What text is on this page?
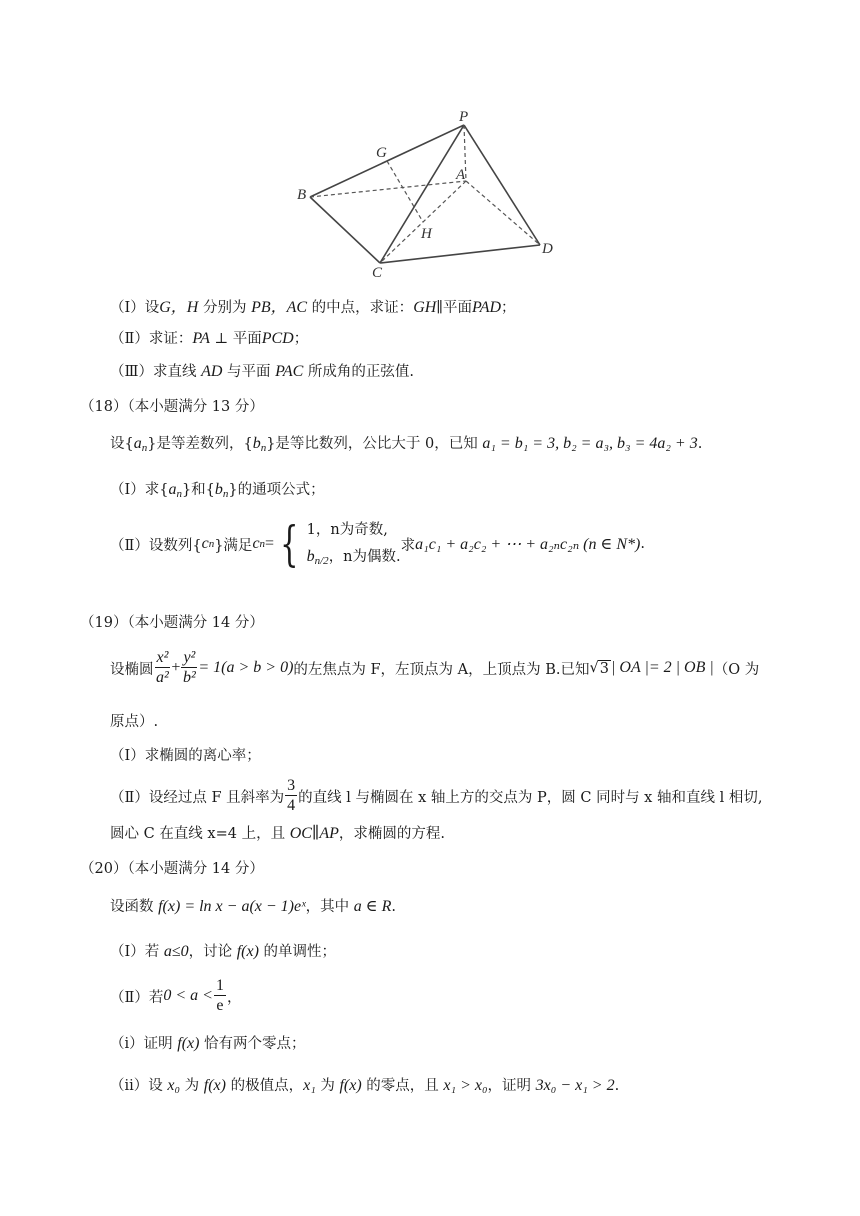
P
G
A
B
H
C
D
（Ⅰ）设G，H 分别为 PB，AC 的中点，求证：GH∥平面PAD；
（Ⅱ）求证：PA ⊥ 平面PCD；
（Ⅲ）求直线 AD 与平面 PAC 所成角的正弦值.
（18）（本小题满分 13 分）
设$\{a_n\}$是等差数列，$\{b_n\}$是等比数列，公比大于 0，已知 a₁ = b₁ = 3, b₂ = a₃, b₃ = 4a₂ + 3.
（Ⅰ）求$\{a_n\}$和$\{b_n\}$的通项公式；
（Ⅱ）设数列{ c n }满足 c n = { 1，n为奇数,
$b_{n/2}$，n为偶数.
求 a₁c₁ + a₂c₂ + ⋯ + a₂ₙc₂ₙ (n ∈ N*) .
（19）（本小题满分 14 分）
设椭圆 $\frac{\text{x²}}{\text{a²}} + \frac{\text{y²}}{\text{b²}} = 1(a > b > 0)$ 的左焦点为 F，左顶点为 A，上顶点为 B.已知 √ 3 | OA |= 2 | OB | （O 为
原点）.
（Ⅰ）求椭圆的离心率；
（Ⅱ）设经过点 F 且斜率为 $\frac{3}{4}$ 的直线 l 与椭圆在 x 轴上方的交点为 P，圆 C 同时与 x 轴和直线 l 相切,
圆心 C 在直线 x=4 上，且 OC∥AP，求椭圆的方程.
（20）（本小题满分 14 分）
设函数 f(x) = ln x − a(x − 1)eˣ，其中 a ∈ R.
（Ⅰ）若 a≤0，讨论 f(x) 的单调性；
（Ⅱ）若 $0 < a < \frac{1}{e}$ ，
（i）证明 f(x) 恰有两个零点；
（ii）设 x₀ 为 f(x) 的极值点，x₁ 为 f(x) 的零点，且 x₁ > x₀，证明 3x₀ − x₁ > 2.
